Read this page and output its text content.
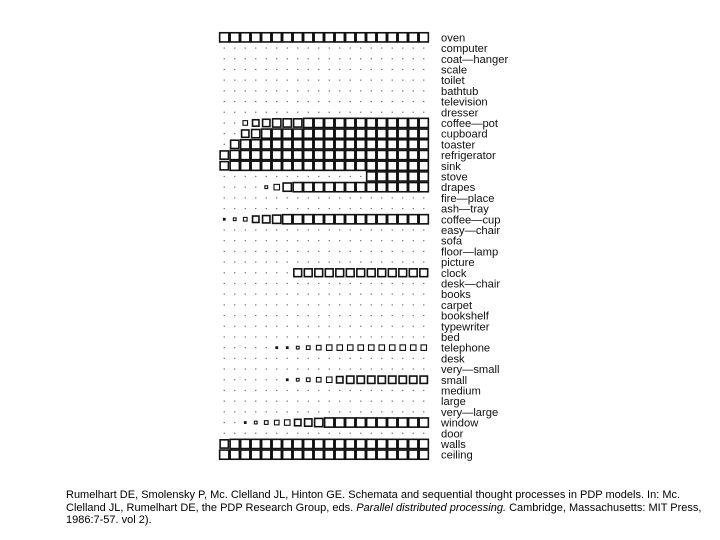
oven
computer
coat—hanger
scale
toilet
bathtub
television
dresser
coffee—pot
cupboard
toaster
refrigerator
sink
stove
drapes
fire—place
ash—tray
coffee—cup
easy—chair
sofa
floor—lamp
picture
clock
desk—chair
books
carpet
bookshelf
typewriter
bed
telephone
desk
very—small
small
medium
large
very—large
window
door
walls
ceiling
Rumelhart DE, Smolensky P, Mc. Clelland JL, Hinton GE. Schemata and sequential thought processes in PDP models. In: Mc. Clelland JL, Rumelhart DE, the PDP Research Group, eds. Parallel distributed processing. Cambridge, Massachusetts: MIT Press, 1986:7-57. vol 2).
